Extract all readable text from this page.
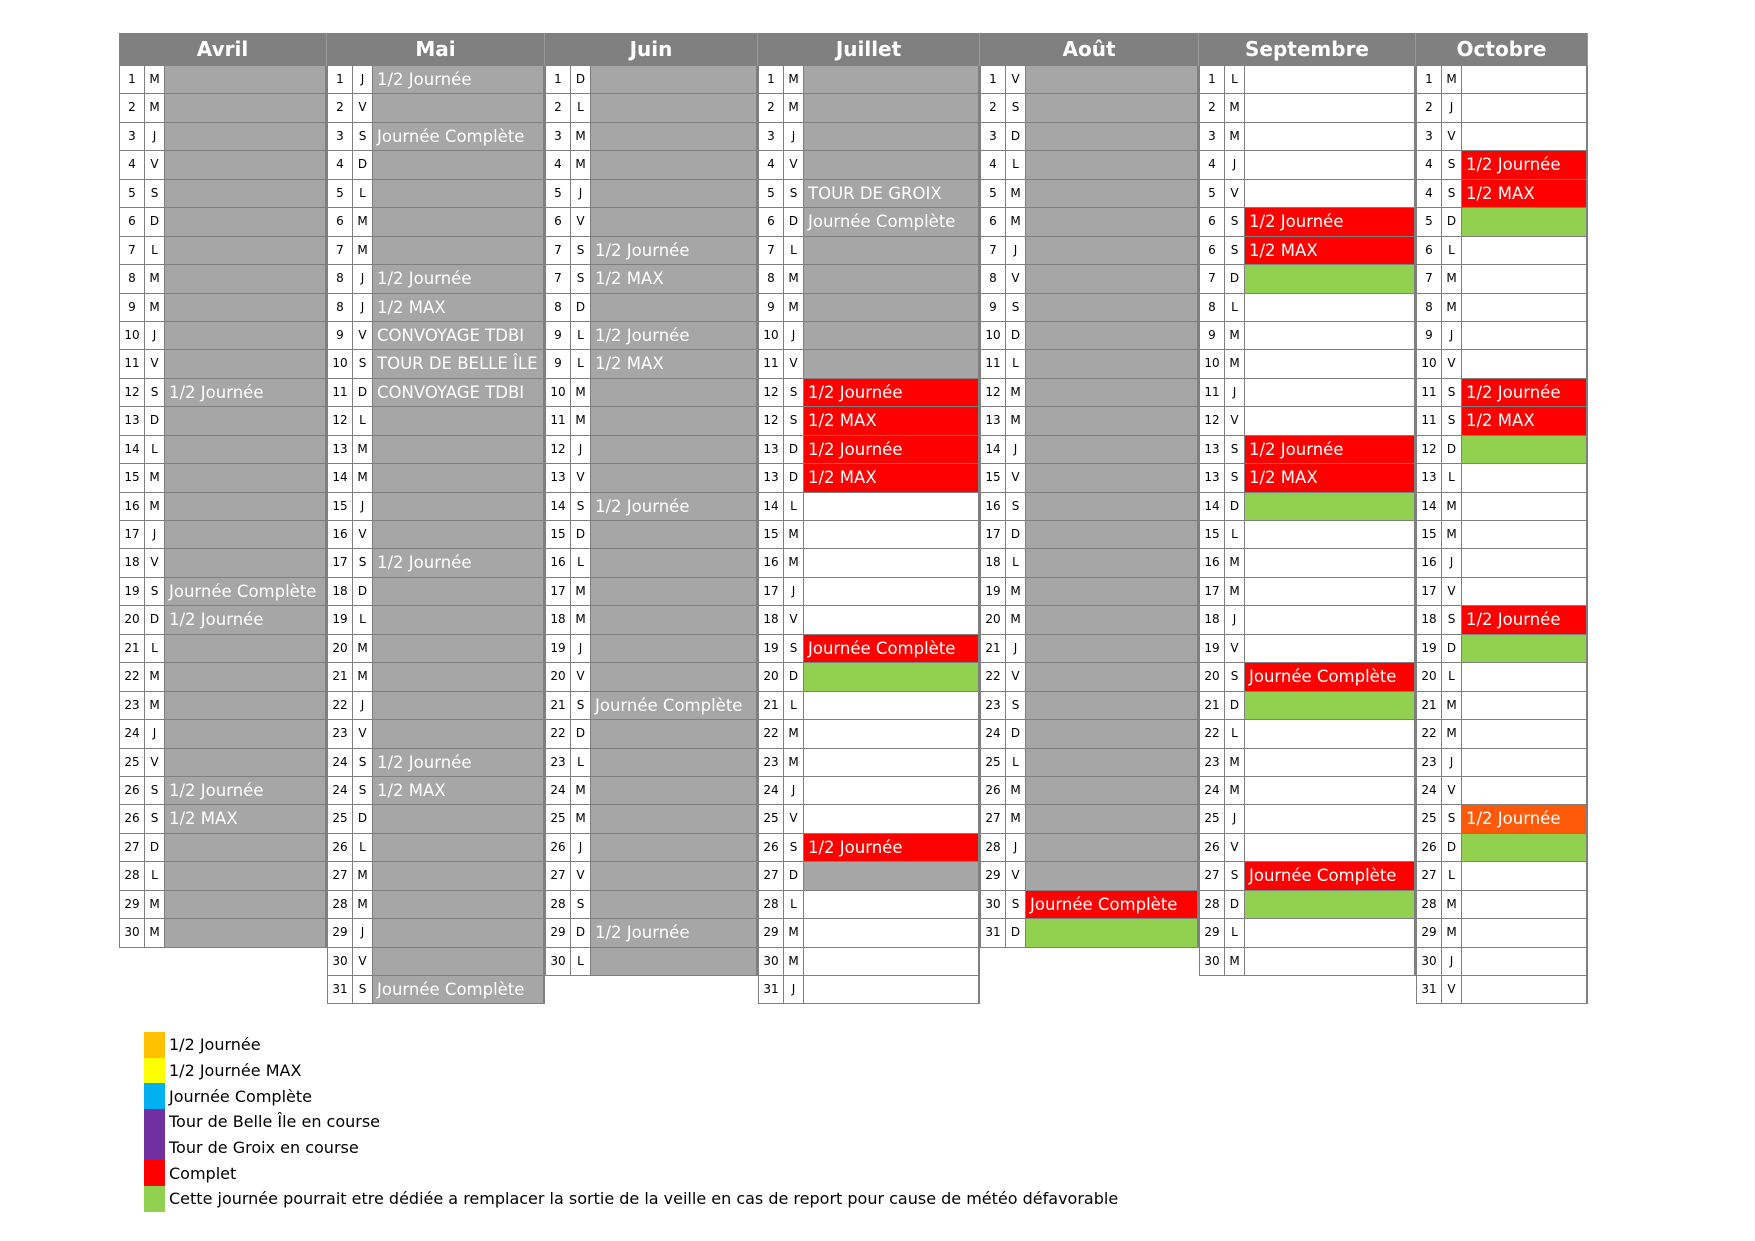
Avril
1	M
2	M
3	J
4	V
5	S
6	D
7	L
8	M
9	M
10	J
11 V
12 S 1/2 Journée
13 D
14 L
15 M
16 M
17	J
18 V
19 S Journée Complète
20 D 1/2 Journée
21 L
22 M
23 M
24	J
25 V
26 S 1/2 Journée
26 S 1/2 MAX
27 D
28 L
29 M
30 M
Mai
1	J 1/2 Journée
2	V
3	S Journée Complète
4	D
5	L
6	M
7	M
8	J 1/2 Journée
8	J 1/2 MAX
9	V CONVOYAGE TDBI
10 S TOUR DE BELLE ÎLE
11 D CONVOYAGE TDBI
12 L
13 M
14 M
15	J
16 V
17 S 1/2 Journée
18 D
19 L
20 M
21 M
22	J
23 V
24 S 1/2 Journée
24 S 1/2 MAX
25 D
26 L
27 M
28 M
29	J
30 V
31 S Journée Complète
Juin
1	D
2	L
3	M
4	M
5	J
6	V
7	S 1/2 Journée
7	S 1/2 MAX
8	D
9	L 1/2 Journée
9	L 1/2 MAX
10 M
11 M
12	J
13 V
14 S 1/2 Journée
15 D
16 L
17 M
18 M
19	J
20 V
21 S Journée Complète
22 D
23 L
24 M
25 M
26	J
27 V
28 S
29 D 1/2 Journée
30 L
Juillet
1	M
2	M
3	J
4	V
5	S TOUR DE GROIX
6	D Journée Complète
7	L
8	M
9	M
10	J
11 V
12 S 1/2 Journée
12 S 1/2 MAX
13 D 1/2 Journée
13 D 1/2 MAX
14 L
15 M
16 M
17	J
18 V
19 S Journée Complète
20 D
21 L
22 M
23 M
24	J
25 V
26 S 1/2 Journée
27 D
28 L
29 M
30 M
31	J
Août
1	V
2	S
3	D
4	L
5	M
6	M
7	J
8	V
9	S
10 D
11 L
12 M
13 M
14	J
15 V
16 S
17 D
18 L
19 M
20 M
21	J
22 V
23 S
24 D
25 L
26 M
27 M
28	J
29 V
30 S Journée Complète
31 D
Septembre
1	L
2	M
3	M
4	J
5	V
6	S 1/2 Journée
6	S 1/2 MAX
7	D
8	L
9	M
10 M
11	J
12 V
13 S 1/2 Journée
13 S 1/2 MAX
14 D
15 L
16 M
17 M
18	J
19 V
20 S Journée Complète
21 D
22 L
23 M
24 M
25	J
26 V
27 S Journée Complète
28 D
29 L
30 M
Octobre
1	M
2	J
3	V
4	S 1/2 Journée
4	S 1/2 MAX
5	D
6	L
7	M
8	M
9	J
10 V
11 S 1/2 Journée
11 S 1/2 MAX
12 D
13 L
14 M
15 M
16	J
17 V
18 S 1/2 Journée
19 D
20 L
21 M
22 M
23	J
24 V
25 S 1/2 Journée
26 D
27 L
28 M
29 M
30	J
31 V
1/2 Journée
1/2 Journée MAX
Journée Complète
Tour de Belle Île en course
Tour de Groix en course
Complet
Cette journée pourrait etre dédiée a remplacer la sortie de la veille en cas de report pour cause de météo défavorable
